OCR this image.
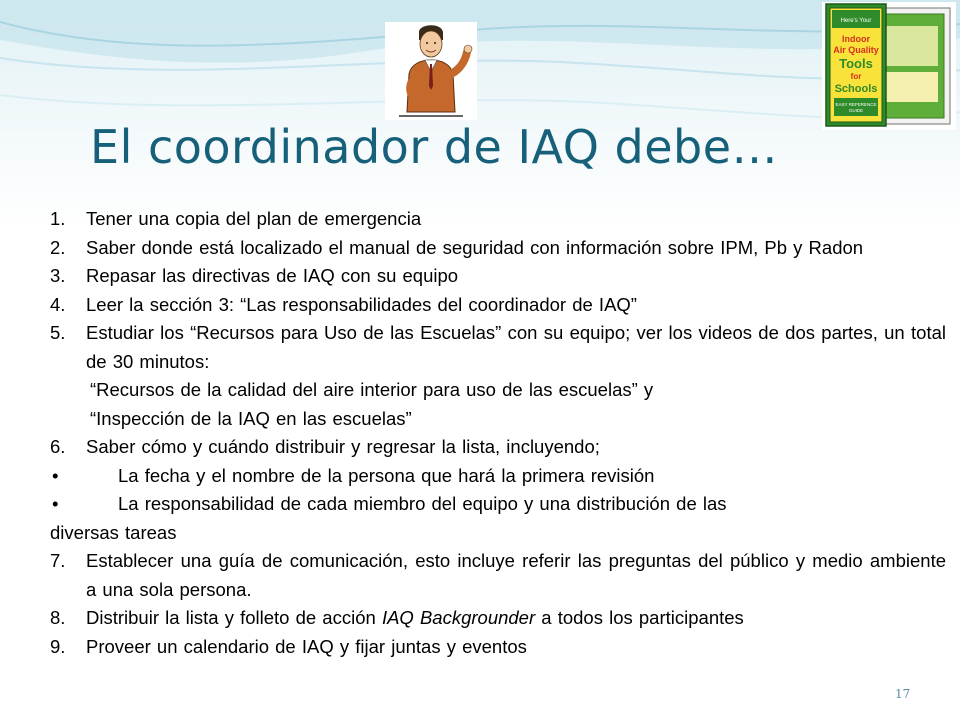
Here's Your
Indoor
Air Quality
Tools
for
Schools
EASY REFERENCE
GUIDE
El coordinador de IAQ debe…
1. Tener una copia del plan de emergencia
2. Saber donde está localizado el manual de seguridad con información sobre IPM, Pb y Radon
3. Repasar las directivas de IAQ con su equipo
4. Leer la sección 3: “Las responsabilidades del coordinador de IAQ”
5. Estudiar los “Recursos para Uso de las Escuelas” con su equipo; ver los videos de dos partes, un total de 30 minutos:
“Recursos de la calidad del aire interior para uso de las escuelas” y
“Inspección de la IAQ en las escuelas”
6. Saber cómo y cuándo distribuir y regresar la lista, incluyendo;
•	La fecha y el nombre de la persona que hará la primera revisión
•	La responsabilidad de cada miembro del equipo y una distribución de las
diversas tareas
7. Establecer una guía de comunicación, esto incluye referir las preguntas del público y medio ambiente a una sola persona.
8. Distribuir la lista y folleto de acción IAQ Backgrounder a todos los participantes
9. Proveer un calendario de IAQ y fijar juntas y eventos
17
